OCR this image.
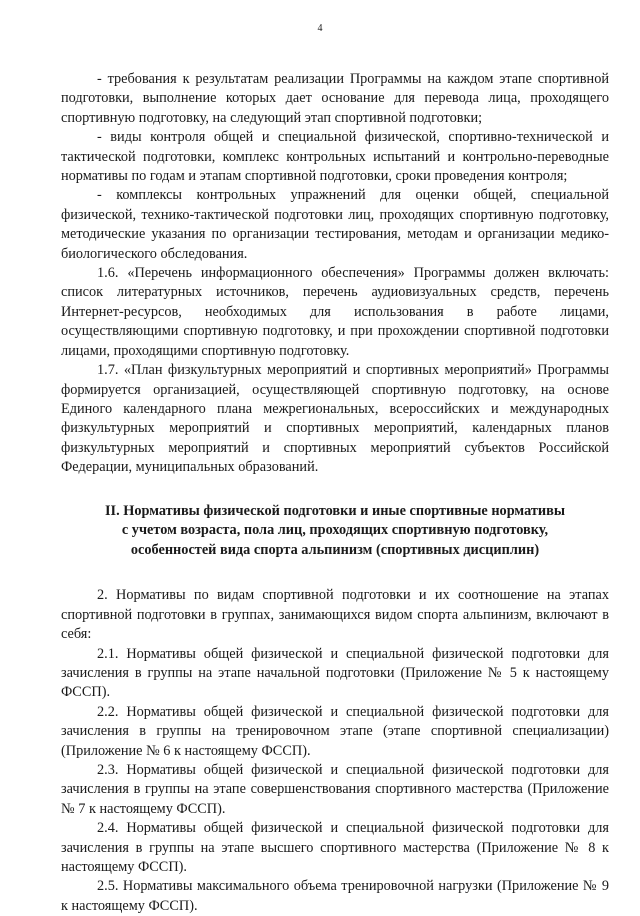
4

- требования к результатам реализации Программы на каждом этапе спортивной подготовки, выполнение которых дает основание для перевода лица, проходящего спортивную подготовку, на следующий этап спортивной подготовки;

- виды контроля общей и специальной физической, спортивно-технической и тактической подготовки, комплекс контрольных испытаний и контрольно-переводные нормативы по годам и этапам спортивной подготовки, сроки проведения контроля;

- комплексы контрольных упражнений для оценки общей, специальной физической, технико-тактической подготовки лиц, проходящих спортивную подготовку, методические указания по организации тестирования, методам и организации медико-биологического обследования.

1.6. «Перечень информационного обеспечения» Программы должен включать: список литературных источников, перечень аудиовизуальных средств, перечень Интернет-ресурсов, необходимых для использования в работе лицами, осуществляющими спортивную подготовку, и при прохождении спортивной подготовки лицами, проходящими спортивную подготовку.

1.7. «План физкультурных мероприятий и спортивных мероприятий» Программы формируется организацией, осуществляющей спортивную подготовку, на основе Единого календарного плана межрегиональных, всероссийских и международных физкультурных мероприятий и спортивных мероприятий, календарных планов физкультурных мероприятий и спортивных мероприятий субъектов Российской Федерации, муниципальных образований.

II. Нормативы физической подготовки и иные спортивные нормативы
с учетом возраста, пола лиц, проходящих спортивную подготовку,
особенностей вида спорта альпинизм (спортивных дисциплин)

2. Нормативы по видам спортивной подготовки и их соотношение на этапах спортивной подготовки в группах, занимающихся видом спорта альпинизм, включают в себя:

2.1. Нормативы общей физической и специальной физической подготовки для зачисления в группы на этапе начальной подготовки (Приложение № 5 к настоящему ФССП).

2.2. Нормативы общей физической и специальной физической подготовки для зачисления в группы на тренировочном этапе (этапе спортивной специализации) (Приложение № 6 к настоящему ФССП).

2.3. Нормативы общей физической и специальной физической подготовки для зачисления в группы на этапе совершенствования спортивного мастерства (Приложение № 7 к настоящему ФССП).

2.4. Нормативы общей физической и специальной физической подготовки для зачисления в группы на этапе высшего спортивного мастерства (Приложение № 8 к настоящему ФССП).

2.5. Нормативы максимального объема тренировочной нагрузки (Приложение № 9 к настоящему ФССП).
